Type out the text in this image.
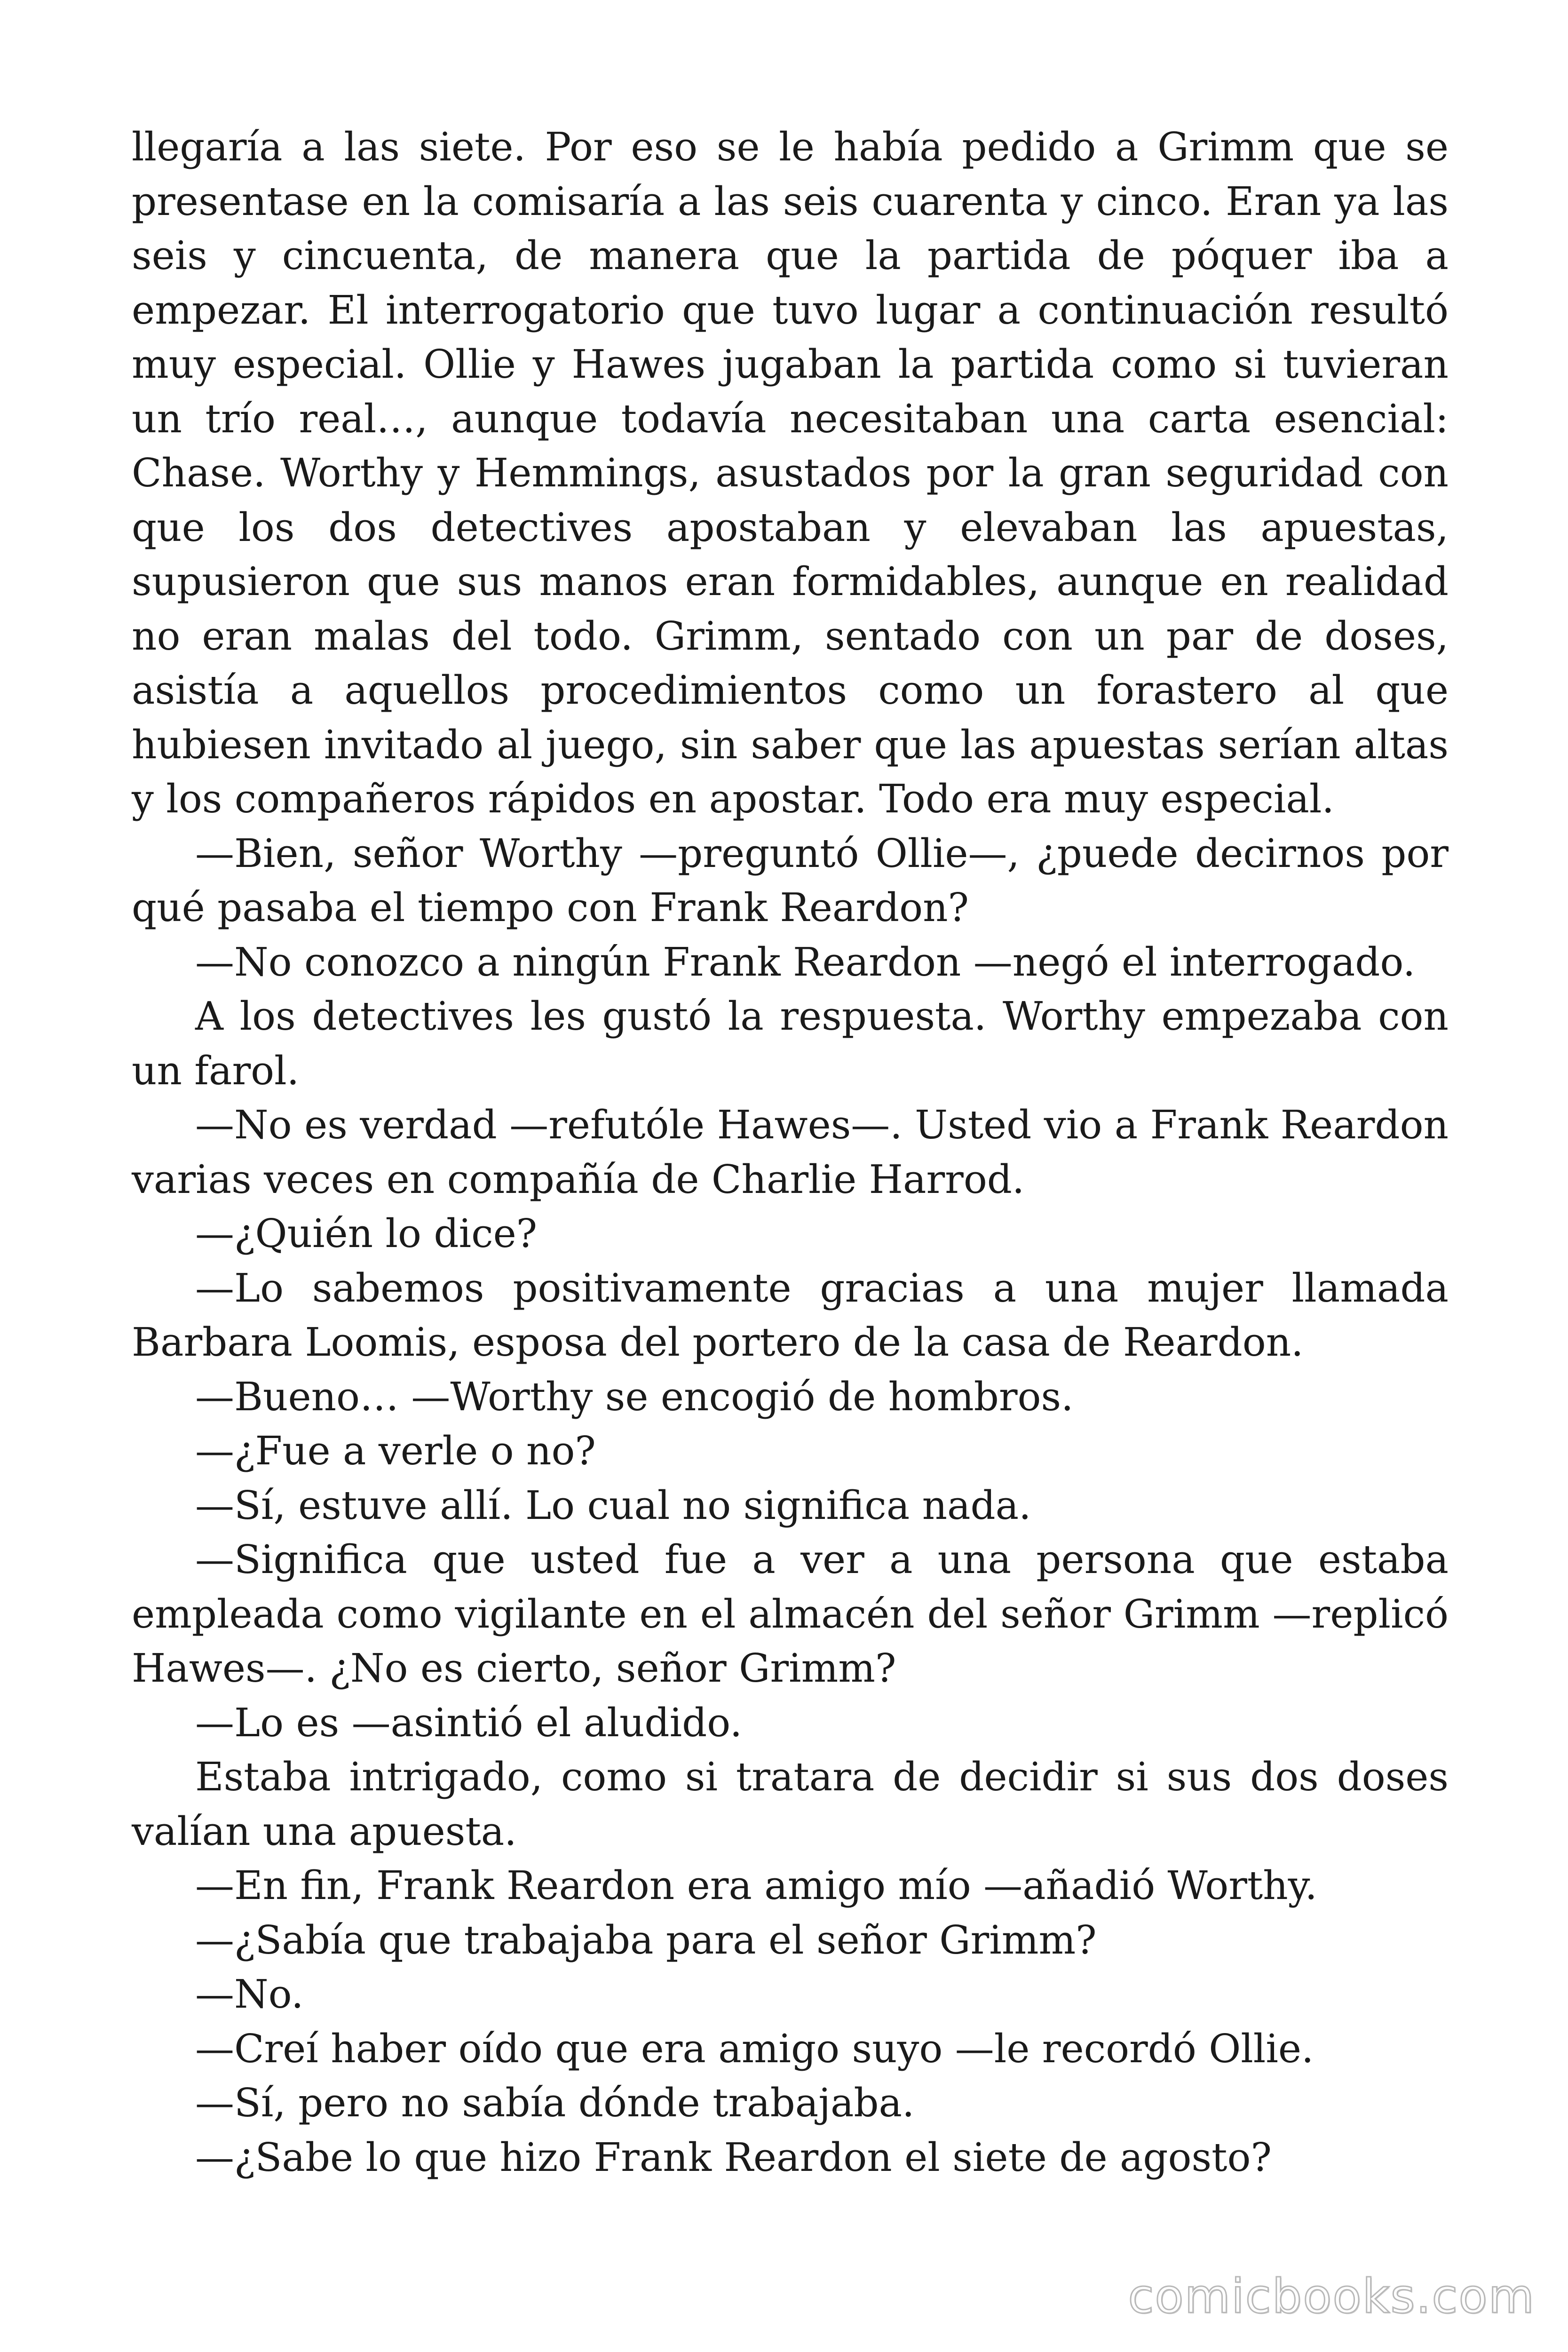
llegaría a las siete. Por eso se le había pedido a Grimm que se presentase en la comisaría a las seis cuarenta y cinco. Eran ya las seis y cincuenta, de manera que la partida de póquer iba a empezar. El interrogatorio que tuvo lugar a continuación resultó muy especial. Ollie y Hawes jugaban la partida como si tuvieran un trío real…, aunque todavía necesitaban una carta esencial: Chase. Worthy y Hemmings, asustados por la gran seguridad con que los dos detectives apostaban y elevaban las apuestas, supusieron que sus manos eran formidables, aunque en realidad no eran malas del todo. Grimm, sentado con un par de doses, asistía a aquellos procedimientos como un forastero al que hubiesen invitado al juego, sin saber que las apuestas serían altas y los compañeros rápidos en apostar. Todo era muy especial.

—Bien, señor Worthy —preguntó Ollie—, ¿puede decirnos por qué pasaba el tiempo con Frank Reardon?

—No conozco a ningún Frank Reardon —negó el interrogado.

A los detectives les gustó la respuesta. Worthy empezaba con un farol.

—No es verdad —refutóle Hawes—. Usted vio a Frank Reardon varias veces en compañía de Charlie Harrod.

—¿Quién lo dice?

—Lo sabemos positivamente gracias a una mujer llamada Barbara Loomis, esposa del portero de la casa de Reardon.

—Bueno… —Worthy se encogió de hombros.

—¿Fue a verle o no?

—Sí, estuve allí. Lo cual no significa nada.

—Significa que usted fue a ver a una persona que estaba empleada como vigilante en el almacén del señor Grimm —replicó Hawes—. ¿No es cierto, señor Grimm?

—Lo es —asintió el aludido.

Estaba intrigado, como si tratara de decidir si sus dos doses valían una apuesta.

—En fin, Frank Reardon era amigo mío —añadió Worthy.

—¿Sabía que trabajaba para el señor Grimm?

—No.

—Creí haber oído que era amigo suyo —le recordó Ollie.

—Sí, pero no sabía dónde trabajaba.

—¿Sabe lo que hizo Frank Reardon el siete de agosto?

comicbooks.com
